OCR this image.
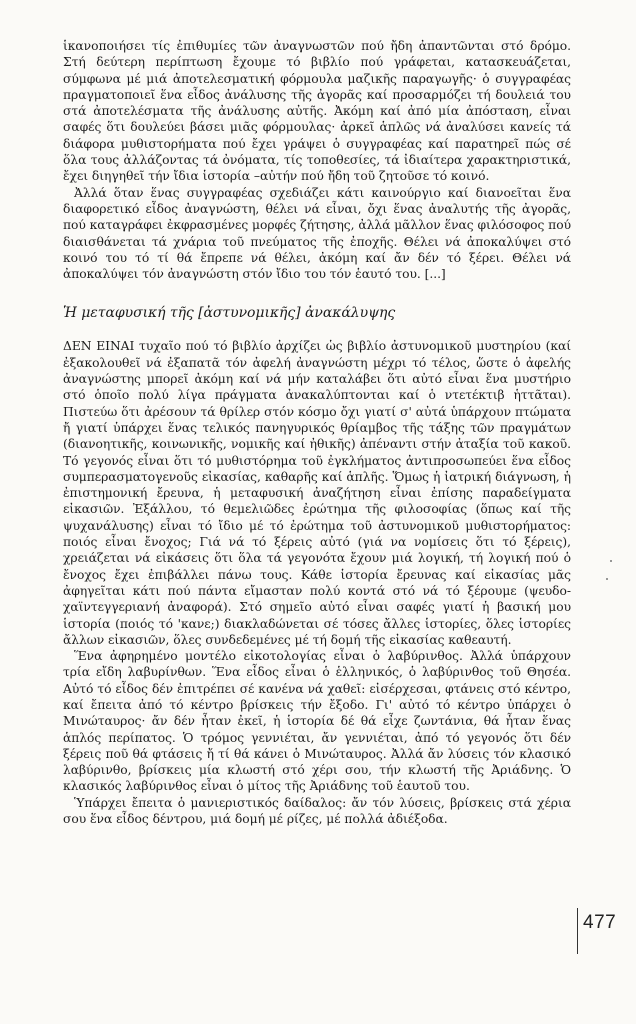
ἱκανοποιήσει τίς ἐπιθυμίες τῶν ἀναγνωστῶν πού ἤδη ἀπαντῶνται στό δρόμο. Στή δεύτερη περίπτωση ἔχουμε τό βιβλίο πού γράφεται, κατασκευάζεται, σύμφωνα μέ μιά ἀποτελεσματική φόρμουλα μαζικῆς παραγωγῆς· ὁ συγγραφέας πραγματοποιεῖ ἕνα εἶδος ἀνάλυσης τῆς ἀγορᾶς καί προσαρμόζει τή δουλειά του στά ἀποτελέσματα τῆς ἀνάλυσης αὐτῆς. Ἀκόμη καί ἀπό μία ἀπόσταση, εἶναι σαφές ὅτι δουλεύει βάσει μιᾶς φόρμουλας· ἀρκεῖ ἁπλῶς νά ἀναλύσει κανείς τά διάφορα μυθιστορήματα πού ἔχει γράψει ὁ συγγραφέας καί παρατηρεῖ πώς σέ ὅλα τους ἀλλάζοντας τά ὀνόματα, τίς τοποθεσίες, τά ἰδιαίτερα χαρακτηριστικά, ἔχει διηγηθεῖ τήν ἴδια ἱστορία –αὐτήν πού ἤδη τοῦ ζητοῦσε τό κοινό.

Ἀλλά ὅταν ἕνας συγγραφέας σχεδιάζει κάτι καινούργιο καί διανοεῖται ἕνα διαφορετικό εἶδος ἀναγνώστη, θέλει νά εἶναι, ὄχι ἕνας ἀναλυτής τῆς ἀγορᾶς, πού καταγράφει ἐκφρασμένες μορφές ζήτησης, ἀλλά μᾶλλον ἕνας φιλόσοφος πού διαισθάνεται τά χνάρια τοῦ πνεύματος τῆς ἐποχῆς. Θέλει νά ἀποκαλύψει στό κοινό του τό τί θά ἔπρεπε νά θέλει, ἀκόμη καί ἄν δέν τό ξέρει. Θέλει νά ἀποκαλύψει τόν ἀναγνώστη στόν ἴδιο του τόν ἑαυτό του. [...]

Ἡ μεταφυσική τῆς [ἀστυνομικῆς] ἀνακάλυψης

ΔΕΝ ΕΙΝΑΙ τυχαῖο πού τό βιβλίο ἀρχίζει ὡς βιβλίο ἀστυνομικοῦ μυστηρίου (καί ἐξακολουθεῖ νά ἐξαπατᾶ τόν ἀφελή ἀναγνώστη μέχρι τό τέλος, ὥστε ὁ ἀφελής ἀναγνώστης μπορεῖ ἀκόμη καί νά μήν καταλάβει ὅτι αὐτό εἶναι ἕνα μυστήριο στό ὁποῖο πολύ λίγα πράγματα ἀνακαλύπτονται καί ὁ ντετέκτιβ ἡττᾶται). Πιστεύω ὅτι ἀρέσουν τά θρίλερ στόν κόσμο ὄχι γιατί σ' αὐτά ὑπάρχουν πτώματα ἤ γιατί ὑπάρχει ἕνας τελικός πανηγυρικός θρίαμβος τῆς τάξης τῶν πραγμάτων (διανοητικῆς, κοινωνικῆς, νομικῆς καί ἠθικῆς) ἀπέναντι στήν ἀταξία τοῦ κακοῦ. Τό γεγονός εἶναι ὅτι τό μυθιστόρημα τοῦ ἐγκλήματος ἀντιπροσωπεύει ἕνα εἶδος συμπερασματογενοῦς εἰκασίας, καθαρῆς καί ἁπλῆς. Ὅμως ἡ ἰατρική διάγνωση, ἡ ἐπιστημονική ἔρευνα, ἡ μεταφυσική ἀναζήτηση εἶναι ἐπίσης παραδείγματα εἰκασιῶν. Ἐξάλλου, τό θεμελιῶδες ἐρώτημα τῆς φιλοσοφίας (ὅπως καί τῆς ψυχανάλυσης) εἶναι τό ἴδιο μέ τό ἐρώτημα τοῦ ἀστυνομικοῦ μυθιστορήματος: ποιός εἶναι ἔνοχος; Γιά νά τό ξέρεις αὐτό (γιά να νομίσεις ὅτι τό ξέρεις), χρειάζεται νά εἰκάσεις ὅτι ὅλα τά γεγονότα ἔχουν μιά λογική, τή λογική πού ὁ ἔνοχος ἔχει ἐπιβάλλει πάνω τους. Κάθε ἱστορία ἔρευνας καί εἰκασίας μᾶς ἀφηγεῖται κάτι πού πάντα εἴμασταν πολύ κοντά στό νά τό ξέρουμε (ψευδο-χαϊντεγγεριανή ἀναφορά). Στό σημεῖο αὐτό εἶναι σαφές γιατί ἡ βασική μου ἱστορία (ποιός τό 'κανε;) διακλαδώνεται σέ τόσες ἄλλες ἱστορίες, ὅλες ἱστορίες ἄλλων εἰκασιῶν, ὅλες συνδεδεμένες μέ τή δομή τῆς εἰκασίας καθεαυτή.

Ἕνα ἀφηρημένο μοντέλο εἰκοτολογίας εἶναι ὁ λαβύρινθος. Ἀλλά ὑπάρχουν τρία εἴδη λαβυρίνθων. Ἕνα εἶδος εἶναι ὁ ἑλληνικός, ὁ λαβύρινθος τοῦ Θησέα. Αὐτό τό εἶδος δέν ἐπιτρέπει σέ κανένα νά χαθεῖ: εἰσέρχεσαι, φτάνεις στό κέντρο, καί ἔπειτα ἀπό τό κέντρο βρίσκεις τήν ἔξοδο. Γι' αὐτό τό κέντρο ὑπάρχει ὁ Μινώταυρος· ἄν δέν ἦταν ἐκεῖ, ἡ ἱστορία δέ θά εἶχε ζωντάνια, θά ἦταν ἕνας ἁπλός περίπατος. Ὁ τρόμος γεννιέται, ἄν γεννιέται, ἀπό τό γεγονός ὅτι δέν ξέρεις ποῦ θά φτάσεις ἤ τί θά κάνει ὁ Μινώταυρος. Ἀλλά ἄν λύσεις τόν κλασικό λαβύρινθο, βρίσκεις μία κλωστή στό χέρι σου, τήν κλωστή τῆς Ἀριάδνης. Ὁ κλασικός λαβύρινθος εἶναι ὁ μίτος τῆς Ἀριάδνης τοῦ ἑαυτοῦ του.

Ὑπάρχει ἔπειτα ὁ μανιεριστικός δαίδαλος: ἄν τόν λύσεις, βρίσκεις στά χέρια σου ἕνα εἶδος δέντρου, μιά δομή μέ ρίζες, μέ πολλά ἀδιέξοδα.

477
